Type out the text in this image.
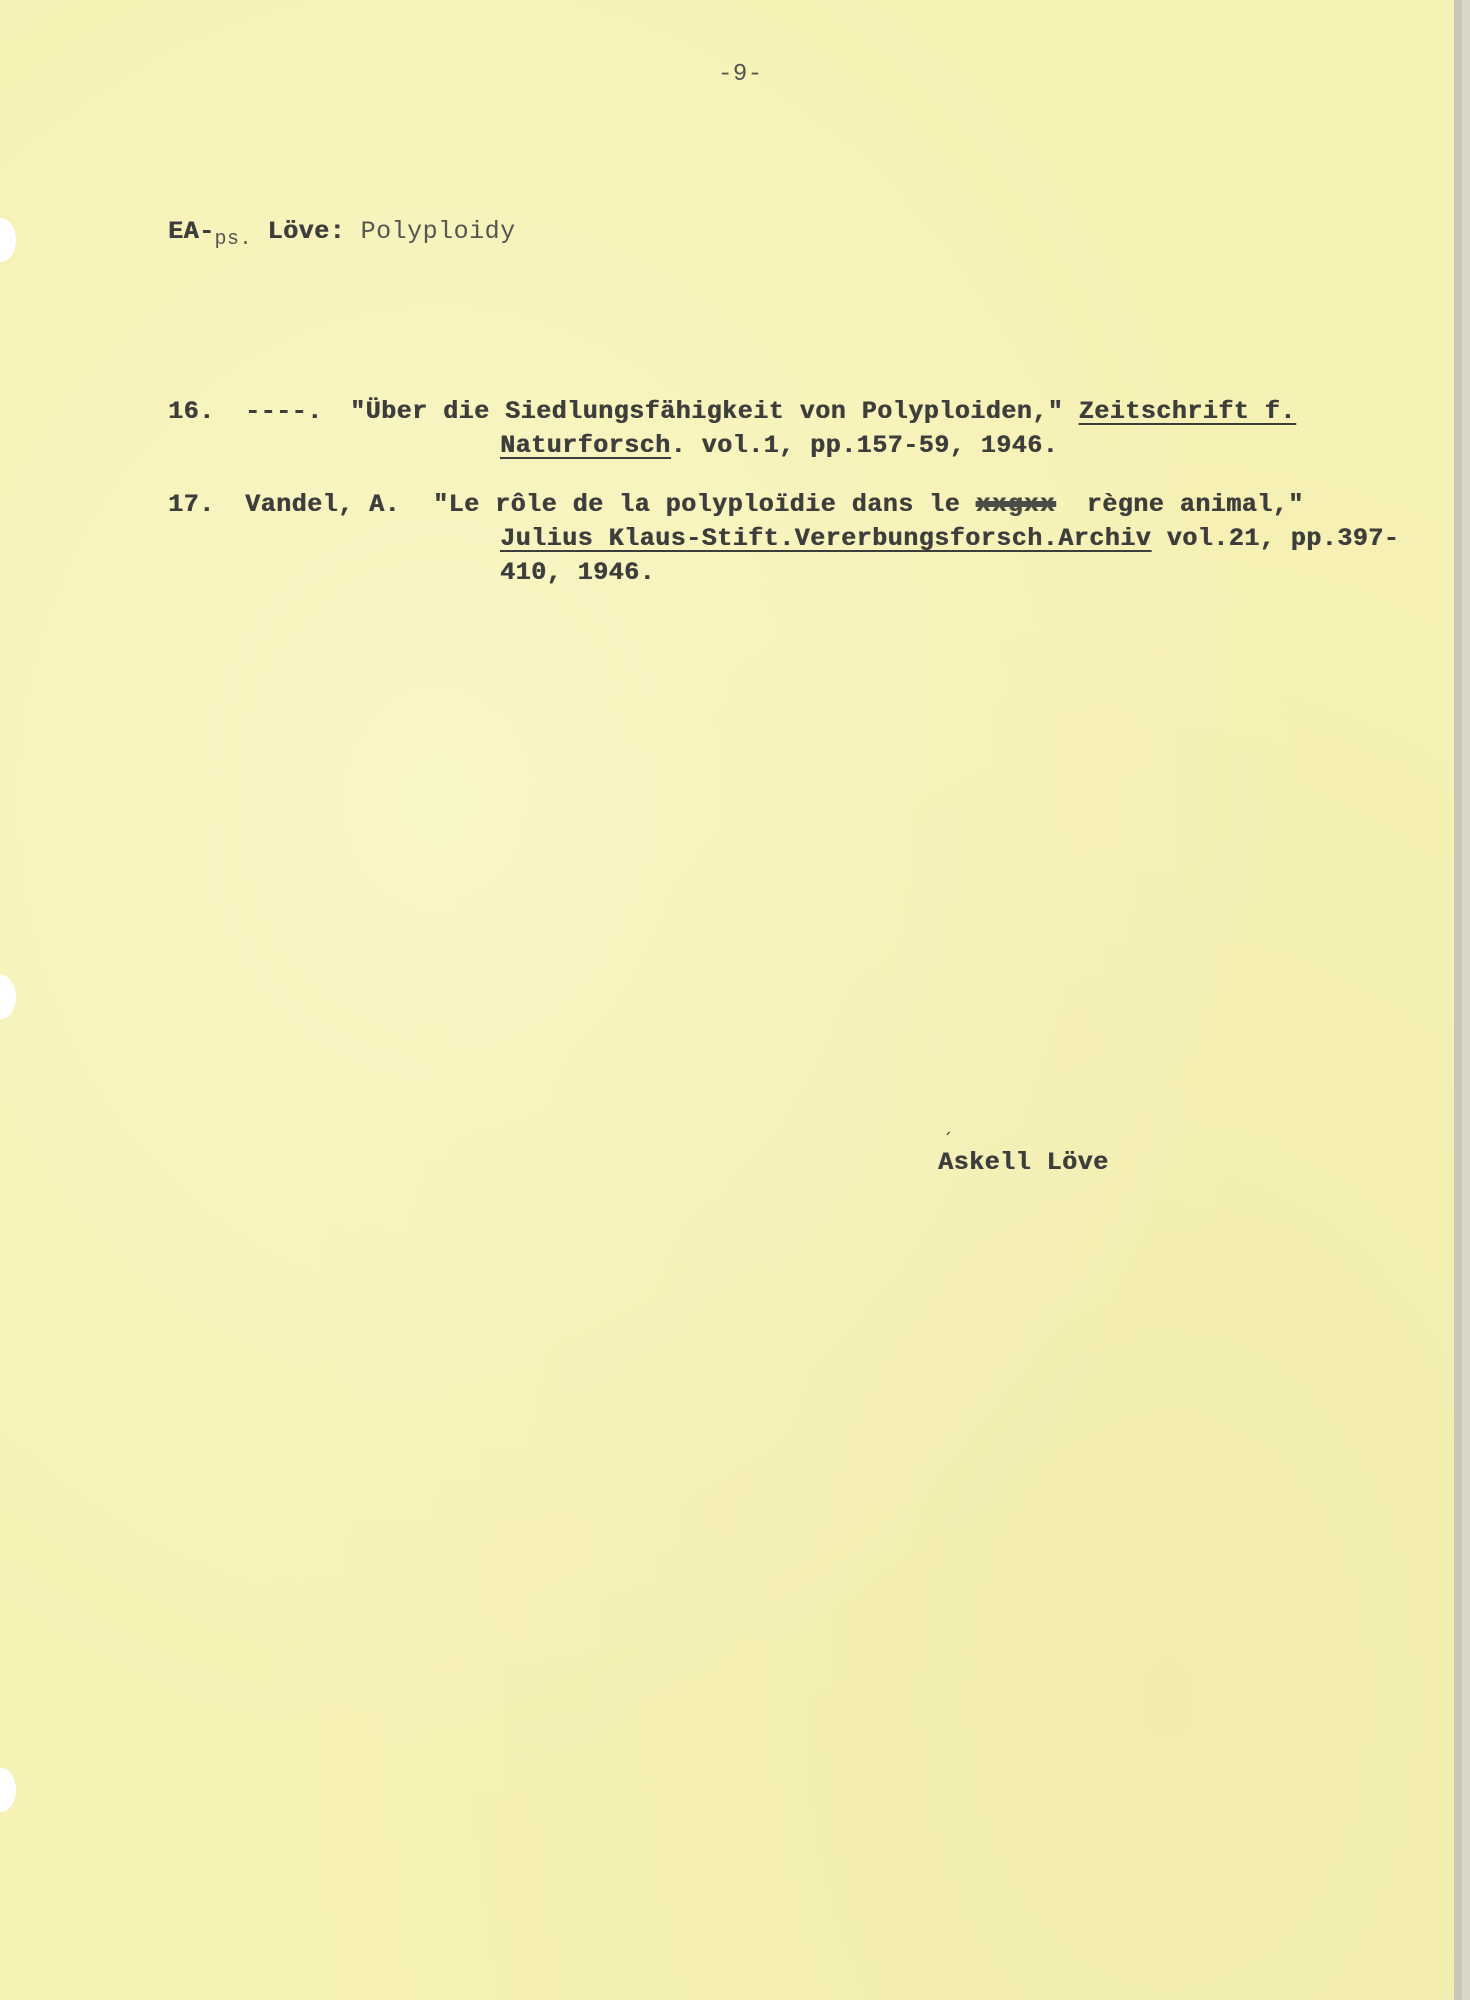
-9-
$EA-_{ps.}$ Löve: Polyploidy
16. ----. "Über die Siedlungsfähigkeit von Polyploiden," Zeitschrift f.
Naturforsch. vol.1, pp.157-59, 1946.
17. Vandel, A. "Le rôle de la polyploïdie dans le xxgxx règne animal,"
Julius Klaus-Stift.Vererbungsforsch.Archiv vol.21, pp.397-
410, 1946.
ˊ
Askell Löve
